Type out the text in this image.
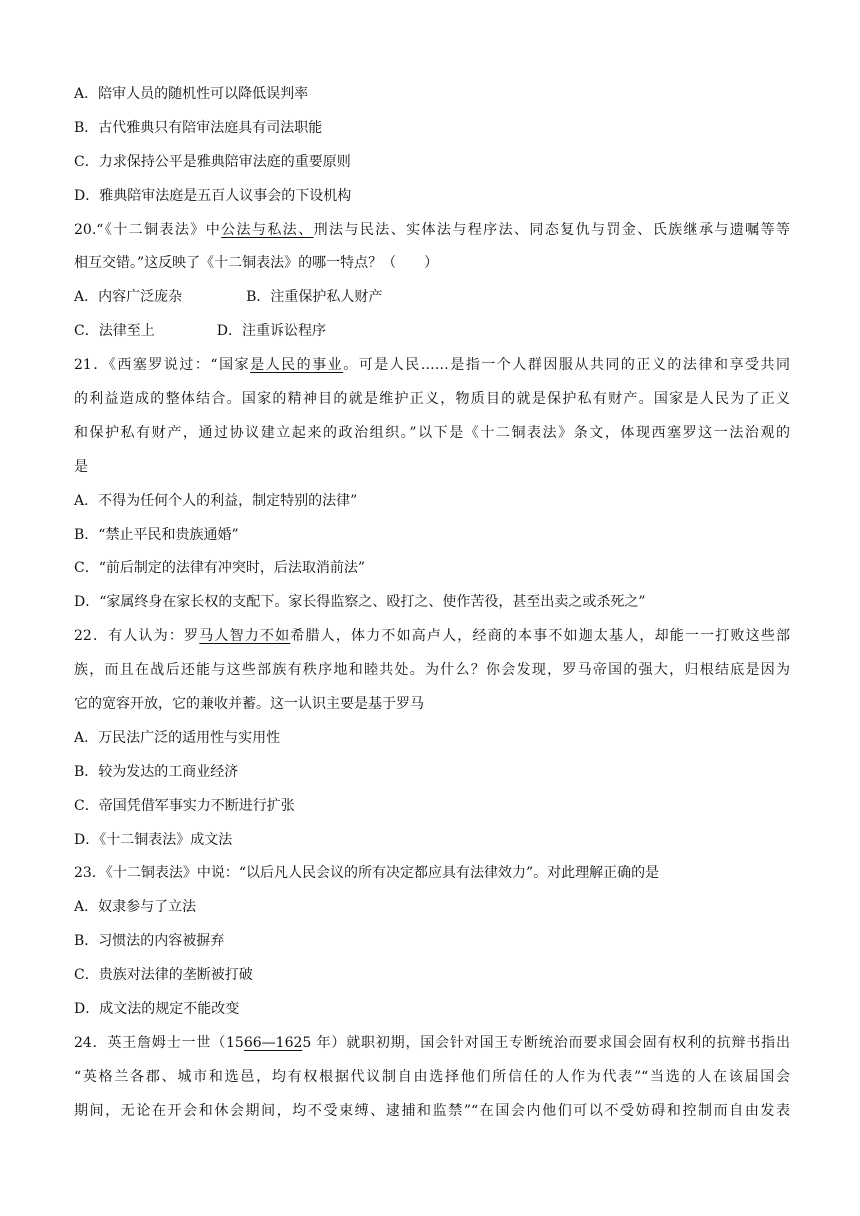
A．陪审人员的随机性可以降低误判率
B．古代雅典只有陪审法庭具有司法职能
C．力求保持公平是雅典陪审法庭的重要原则
D．雅典陪审法庭是五百人议事会的下设机构
20.“《十二铜表法》中公法与私法、刑法与民法、实体法与程序法、同态复仇与罚金、氏族继承与遗嘱等等
相互交错。”这反映了《十二铜表法》的哪一特点？（　　）
A．内容广泛庞杂	B．注重保护私人财产
C．法律至上	D．注重诉讼程序
21．《西塞罗说过：“国家是人民的事业。可是人民……是指一个人群因服从共同的正义的法律和享受共同
的利益造成的整体结合。国家的精神目的就是维护正义，物质目的就是保护私有财产。国家是人民为了正义
和保护私有财产，通过协议建立起来的政治组织。”以下是《十二铜表法》条文，体现西塞罗这一法治观的
是
A．不得为任何个人的利益，制定特别的法律”
B．“禁止平民和贵族通婚”
C．“前后制定的法律有冲突时，后法取消前法”
D．“家属终身在家长权的支配下。家长得监察之、殴打之、使作苦役，甚至出卖之或杀死之”
22．有人认为：罗马人智力不如希腊人，体力不如高卢人，经商的本事不如迦太基人，却能一一打败这些部
族，而且在战后还能与这些部族有秩序地和睦共处。为什么？你会发现，罗马帝国的强大，归根结底是因为
它的宽容开放，它的兼收并蓄。这一认识主要是基于罗马
A．万民法广泛的适用性与实用性
B．较为发达的工商业经济
C．帝国凭借军事实力不断进行扩张
D．《十二铜表法》成文法
23．《十二铜表法》中说：“以后凡人民会议的所有决定都应具有法律效力”。对此理解正确的是
A．奴隶参与了立法
B．习惯法的内容被摒弃
C．贵族对法律的垄断被打破
D．成文法的规定不能改变
24．英王詹姆士一世（1566—1625 年）就职初期，国会针对国王专断统治而要求国会固有权利的抗辩书指出
“英格兰各郡、城市和选邑，均有权根据代议制自由选择他们所信任的人作为代表”“当选的人在该届国会
期间，无论在开会和休会期间，均不受束缚、逮捕和监禁”“在国会内他们可以不受妨碍和控制而自由发表
